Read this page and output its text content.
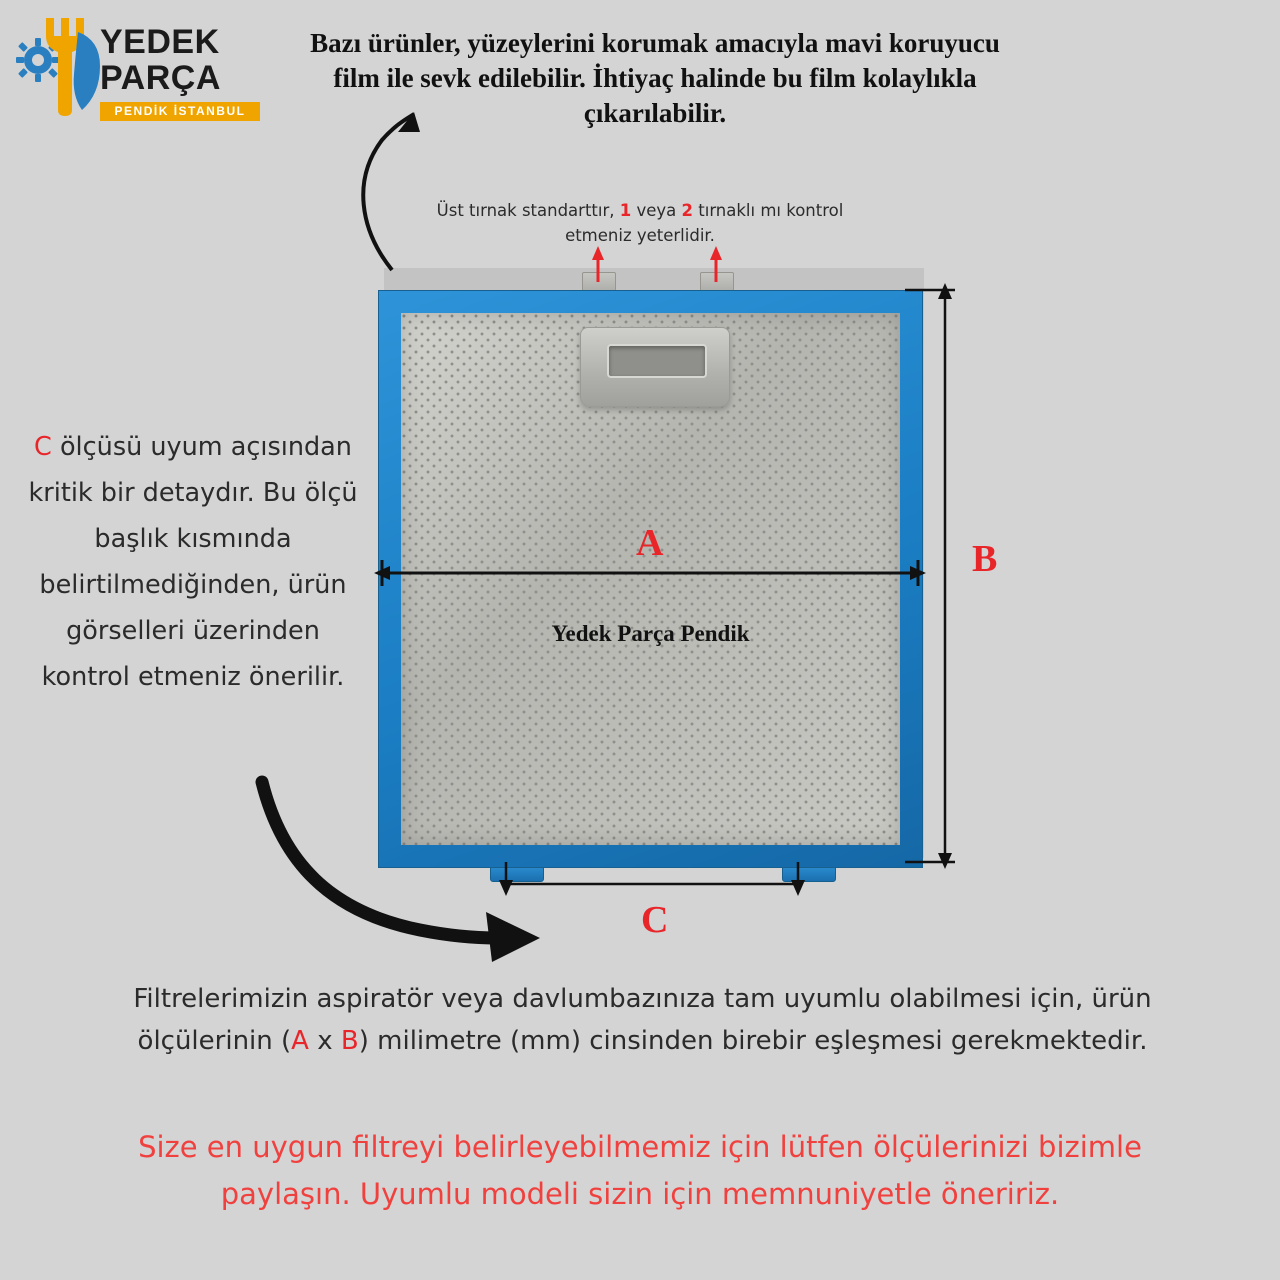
YEDEK
PARÇA
PENDİK İSTANBUL
Bazı ürünler, yüzeylerini korumak amacıyla mavi koruyucu film ile sevk edilebilir. İhtiyaç halinde bu film kolaylıkla çıkarılabilir.
Üst tırnak standarttır, 1 veya 2 tırnaklı mı kontrol etmeniz yeterlidir.
C ölçüsü uyum açısından kritik bir detaydır. Bu ölçü başlık kısmında belirtilmediğinden, ürün görselleri üzerinden kontrol etmeniz önerilir.
Yedek Parça Pendik
A	B
C
Filtrelerimizin aspiratör veya davlumbazınıza tam uyumlu olabilmesi için, ürün ölçülerinin (A x B) milimetre (mm) cinsinden birebir eşleşmesi gerekmektedir.
Size en uygun filtreyi belirleyebilmemiz için lütfen ölçülerinizi bizimle paylaşın. Uyumlu modeli sizin için memnuniyetle öneririz.
